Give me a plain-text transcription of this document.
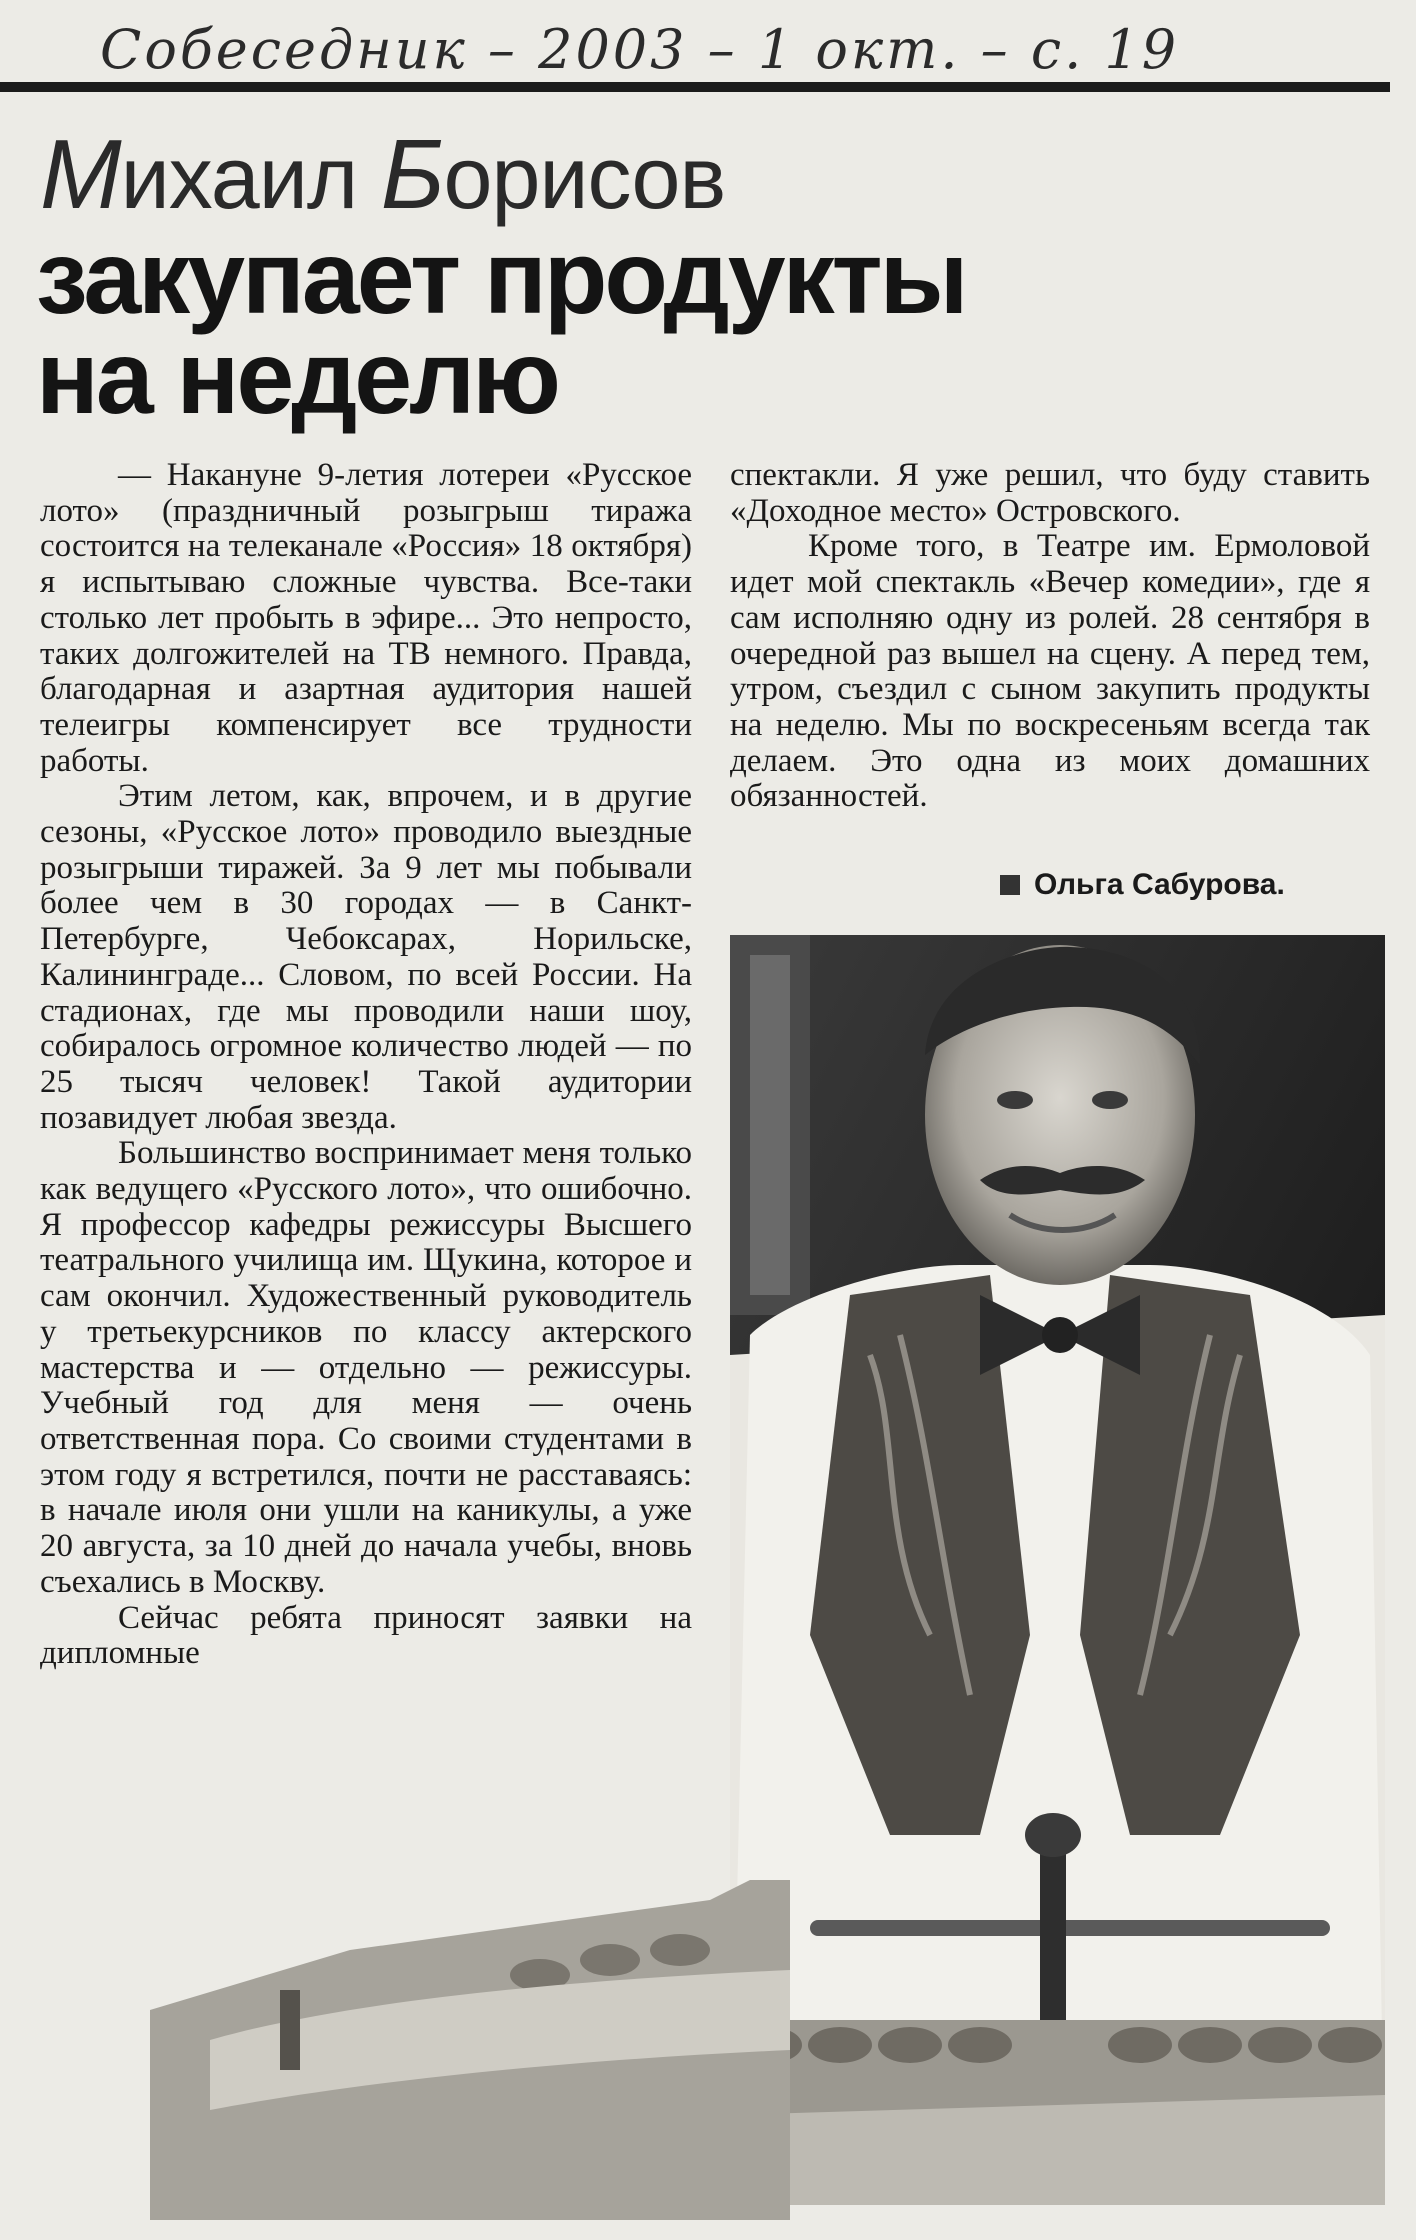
Собеседник – 2003 – 1 окт. – с. 19
Михаил Борисов
закупает продукты
на неделю

— Накануне 9-летия лотереи «Русское лото» (праздничный розыгрыш тиража состоится на телеканале «Россия» 18 октября) я испытываю сложные чувства. Все-таки столько лет пробыть в эфире... Это непросто, таких долгожителей на ТВ немного. Правда, благодарная и азартная аудитория нашей телеигры компенсирует все трудности работы.

Этим летом, как, впрочем, и в другие сезоны, «Русское лото» проводило выездные розыгрыши тиражей. За 9 лет мы побывали более чем в 30 городах — в Санкт-Петербурге, Чебоксарах, Норильске, Калининграде... Словом, по всей России. На стадионах, где мы проводили наши шоу, собиралось огромное количество людей — по 25 тысяч человек! Такой аудитории позавидует любая звезда.

Большинство воспринимает меня только как ведущего «Русского лото», что ошибочно. Я профессор кафедры режиссуры Высшего театрального училища им. Щукина, которое и сам окончил. Художественный руководитель у третьекурсников по классу актерского мастерства и — отдельно — режиссуры. Учебный год для меня — очень ответственная пора. Со своими студентами в этом году я встретился, почти не расставаясь: в начале июля они ушли на каникулы, а уже 20 августа, за 10 дней до начала учебы, вновь съехались в Москву.

Сейчас ребята приносят заявки на дипломные

спектакли. Я уже решил, что буду ставить «Доходное место» Островского.

Кроме того, в Театре им. Ермоловой идет мой спектакль «Вечер комедии», где я сам исполняю одну из ролей. 28 сентября в очередной раз вышел на сцену. А перед тем, утром, съездил с сыном закупить продукты на неделю. Мы по воскресеньям всегда так делаем. Это одна из моих домашних обязанностей.

Ольга Сабурова.
